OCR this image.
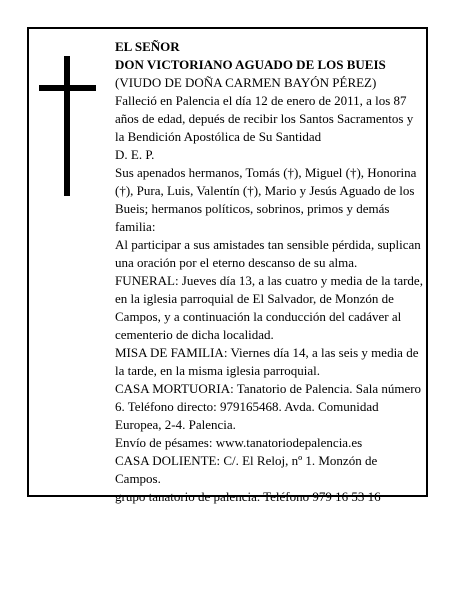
EL SEÑOR
DON VICTORIANO AGUADO DE LOS BUEIS
(VIUDO DE DOÑA CARMEN BAYÓN PÉREZ)
Falleció en Palencia el día 12 de enero de 2011, a los 87 años de edad, depués de recibir los Santos Sacramentos y la Bendición Apostólica de Su Santidad
D. E. P.
Sus apenados hermanos, Tomás (†), Miguel (†), Honorina (†), Pura, Luis, Valentín (†), Mario y Jesús Aguado de los Bueis; hermanos políticos, sobrinos, primos y demás familia:
Al participar a sus amistades tan sensible pérdida, suplican una oración por el eterno descanso de su alma.
FUNERAL: Jueves día 13, a las cuatro y media de la tarde, en la iglesia parroquial de El Salvador, de Monzón de Campos, y a continuación la conducción del cadáver al cementerio de dicha localidad.
MISA DE FAMILIA: Viernes día 14, a las seis y media de la tarde, en la misma iglesia parroquial.
CASA MORTUORIA: Tanatorio de Palencia. Sala número 6. Teléfono directo: 979165468. Avda. Comunidad Europea, 2-4. Palencia.
Envío de pésames: www.tanatoriodepalencia.es
CASA DOLIENTE: C/. El Reloj, nº 1. Monzón de Campos.
grupo tanatorio de palencia. Teléfono 979 16 53 16
